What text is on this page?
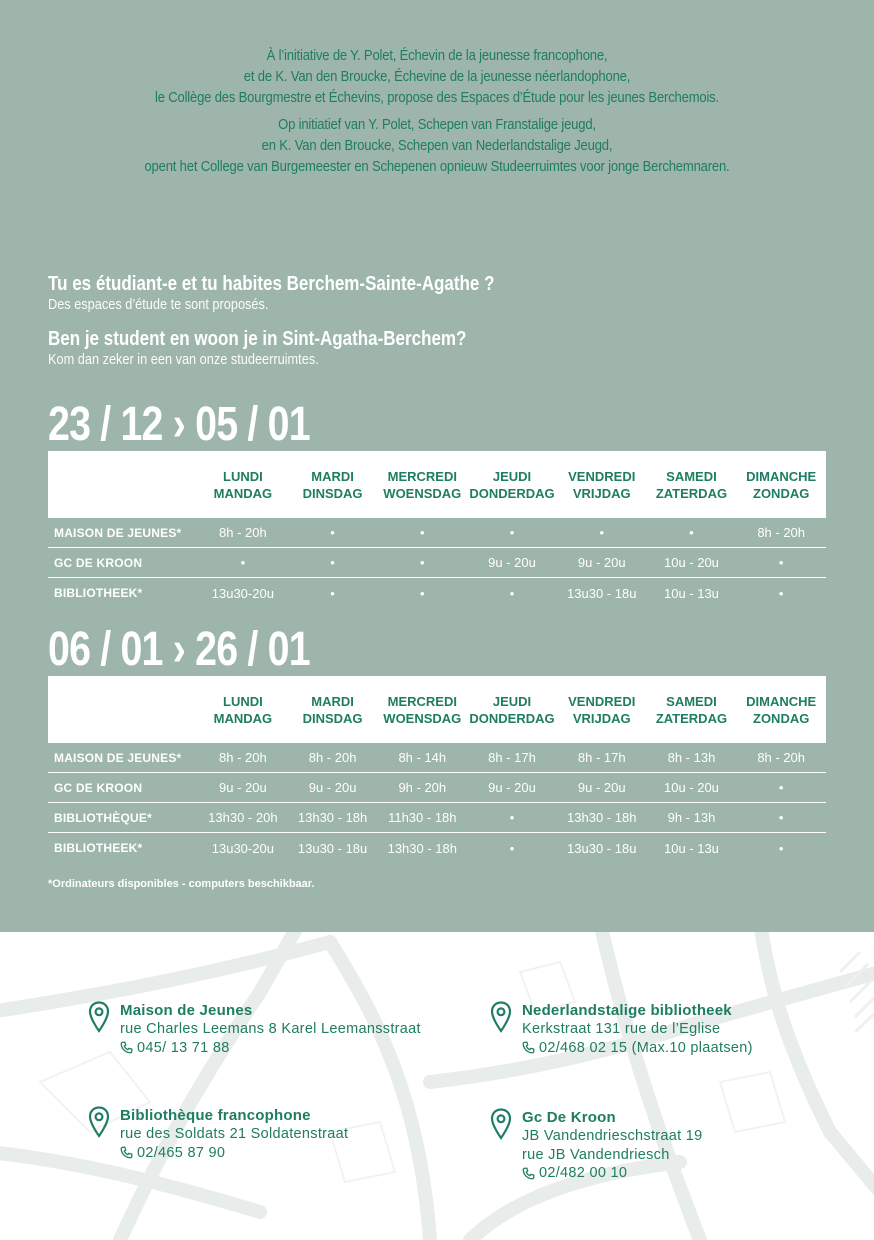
À l’initiative de Y. Polet, Échevin de la jeunesse francophone,
et de K. Van den Broucke, Échevine de la jeunesse néerlandophone,
le Collège des Bourgmestre et Échevins, propose des Espaces d’Étude pour les jeunes Berchemois.
Op initiatief van Y. Polet, Schepen van Franstalige jeugd,
en K. Van den Broucke, Schepen van Nederlandstalige Jeugd,
opent het College van Burgemeester en Schepenen opnieuw Studeerruimtes voor jonge Berchemnaren.
Tu es étudiant-e et tu habites Berchem-Sainte-Agathe ?
Des espaces d’étude te sont proposés.
Ben je student en woon je in Sint-Agatha-Berchem?
Kom dan zeker in een van onze studeerruimtes.
23 / 12 › 05 / 01
LUNDI
MANDAG
MARDI
DINSDAG
MERCREDI
WOENSDAG
JEUDI
DONDERDAG
VENDREDI
VRIJDAG
SAMEDI
ZATERDAG
DIMANCHE
ZONDAG
MAISON DE JEUNES*	8h - 20h	•	•	•	•	•	8h - 20h
GC DE KROON	•	•	•	9u - 20u	9u - 20u	10u - 20u	•
BIBLIOTHEEK*	13u30-20u	•	•	•	13u30 - 18u	10u - 13u	•
06 / 01 › 26 / 01
LUNDI
MANDAG
MARDI
DINSDAG
MERCREDI
WOENSDAG
JEUDI
DONDERDAG
VENDREDI
VRIJDAG
SAMEDI
ZATERDAG
DIMANCHE
ZONDAG
MAISON DE JEUNES*	8h - 20h	8h - 20h	8h - 14h	8h - 17h	8h - 17h	8h - 13h	8h - 20h
GC DE KROON	9u - 20u	9u - 20u	9h - 20h	9u - 20u	9u - 20u	10u - 20u	•
BIBLIOTHÈQUE*	13h30 - 20h	13h30 - 18h	11h30 - 18h	•	13h30 - 18h	9h - 13h	•
BIBLIOTHEEK*	13u30-20u	13u30 - 18u	13h30 - 18h	•	13u30 - 18u	10u - 13u	•
*Ordinateurs disponibles - computers beschikbaar.
Maison de Jeunes
rue Charles Leemans 8 Karel Leemansstraat
045/ 13 71 88
Nederlandstalige bibliotheek
Kerkstraat 131 rue de l’Eglise
02/468 02 15 (Max.10 plaatsen)
Bibliothèque francophone
rue des Soldats 21 Soldatenstraat
02/465 87 90
Gc De Kroon
JB Vandendrieschstraat 19
rue JB Vandendriesch
02/482 00 10
